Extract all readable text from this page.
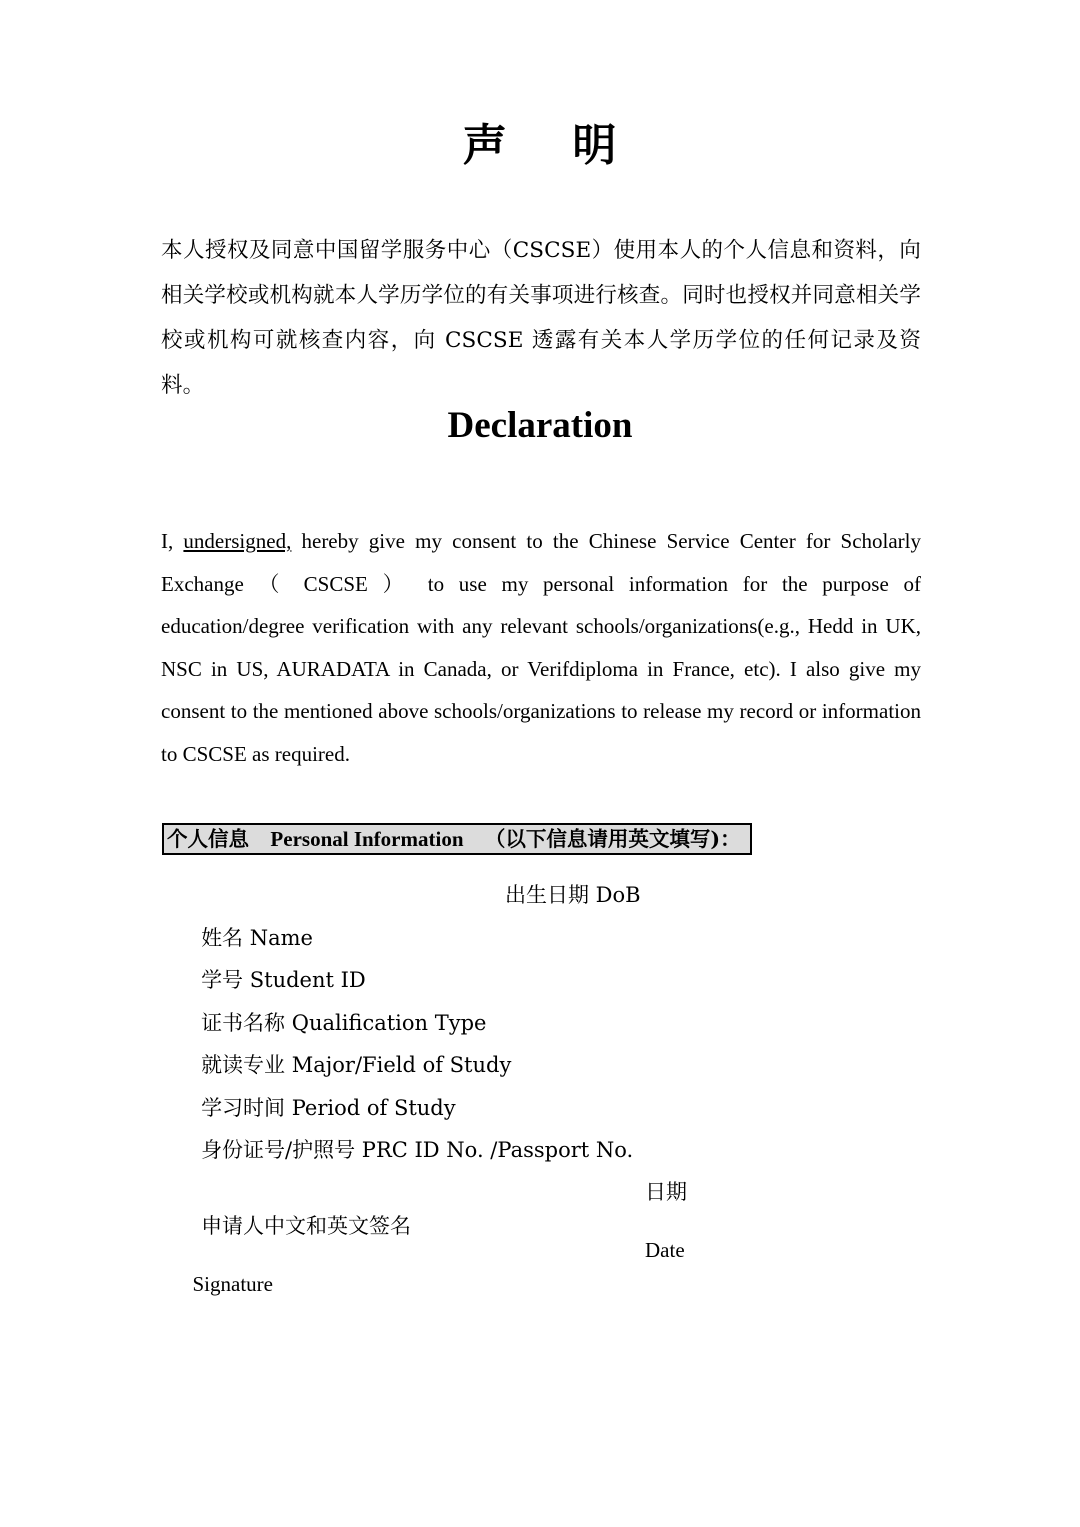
声    明
本人授权及同意中国留学服务中心（CSCSE）使用本人的个人信息和资料，向相关学校或机构就本人学历学位的有关事项进行核查。同时也授权并同意相关学校或机构可就核查内容，向 CSCSE 透露有关本人学历学位的任何记录及资料。
Declaration
I, undersigned, hereby give my consent to the Chinese Service Center for Scholarly Exchange （ CSCSE ） to use my personal information for the purpose of education/degree verification with any relevant schools/organizations(e.g., Hedd in UK, NSC in US, AURADATA in Canada, or Verifdiploma in France, etc). I also give my consent to the mentioned above schools/organizations to release my record or information to CSCSE as required.
个人信息
Personal Information
（以下信息请用英文填写)：

姓名 Name

出生日期 DoB

学号 Student ID

证书名称 Qualification Type

就读专业 Major/Field of Study

学习时间 Period of Study

身份证号/护照号 PRC ID No. /Passport No.

申请人中文和英文签名

日期

Signature

Date
